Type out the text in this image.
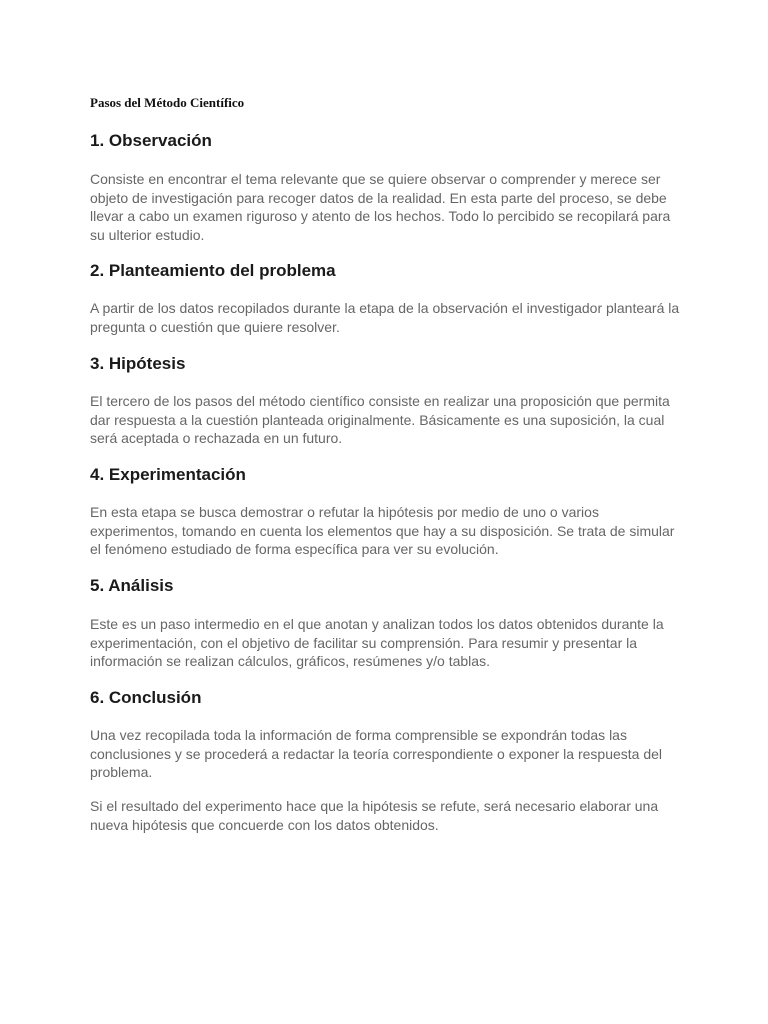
Pasos del Método Científico
1. Observación

Consiste en encontrar el tema relevante que se quiere observar o comprender y merece ser objeto de investigación para recoger datos de la realidad. En esta parte del proceso, se debe llevar a cabo un examen riguroso y atento de los hechos. Todo lo percibido se recopilará para su ulterior estudio.

2. Planteamiento del problema

A partir de los datos recopilados durante la etapa de la observación el investigador planteará la pregunta o cuestión que quiere resolver.

3. Hipótesis

El tercero de los pasos del método científico consiste en realizar una proposición que permita dar respuesta a la cuestión planteada originalmente. Básicamente es una suposición, la cual será aceptada o rechazada en un futuro.

4. Experimentación

En esta etapa se busca demostrar o refutar la hipótesis por medio de uno o varios experimentos, tomando en cuenta los elementos que hay a su disposición. Se trata de simular el fenómeno estudiado de forma específica para ver su evolución.

5. Análisis

Este es un paso intermedio en el que anotan y analizan todos los datos obtenidos durante la experimentación, con el objetivo de facilitar su comprensión. Para resumir y presentar la información se realizan cálculos, gráficos, resúmenes y/o tablas.

6. Conclusión

Una vez recopilada toda la información de forma comprensible se expondrán todas las conclusiones y se procederá a redactar la teoría correspondiente o exponer la respuesta del problema.

Si el resultado del experimento hace que la hipótesis se refute, será necesario elaborar una nueva hipótesis que concuerde con los datos obtenidos.
